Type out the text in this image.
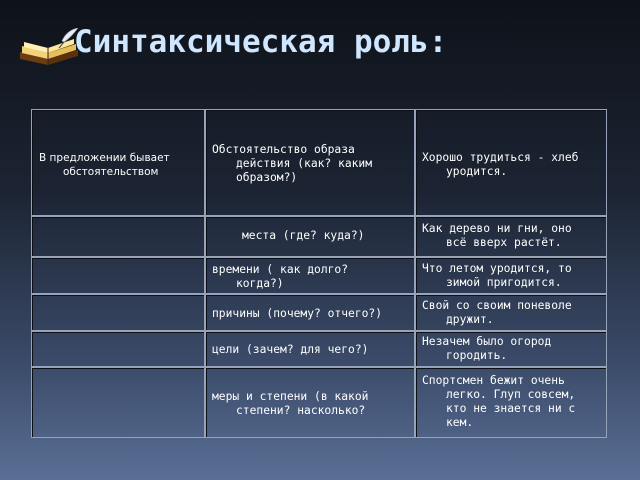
Синтаксическая роль:
В предложении бывает
обстоятельством
Обстоятельство образа
действия (как? каким
образом?)
места (где? куда?)
времени ( как долго?
когда?)
причины (почему? отчего?)
цели (зачем? для чего?)
меры и степени (в какой
степени? насколько?
Хорошо трудиться - хлеб
уродится.
Как дерево ни гни, оно
всё вверх растёт.
Что летом уродится, то
зимой пригодится.
Свой со своим поневоле
дружит.
Незачем было огород
городить.
Спортсмен бежит очень
легко. Глуп совсем,
кто не знается ни с
кем.
